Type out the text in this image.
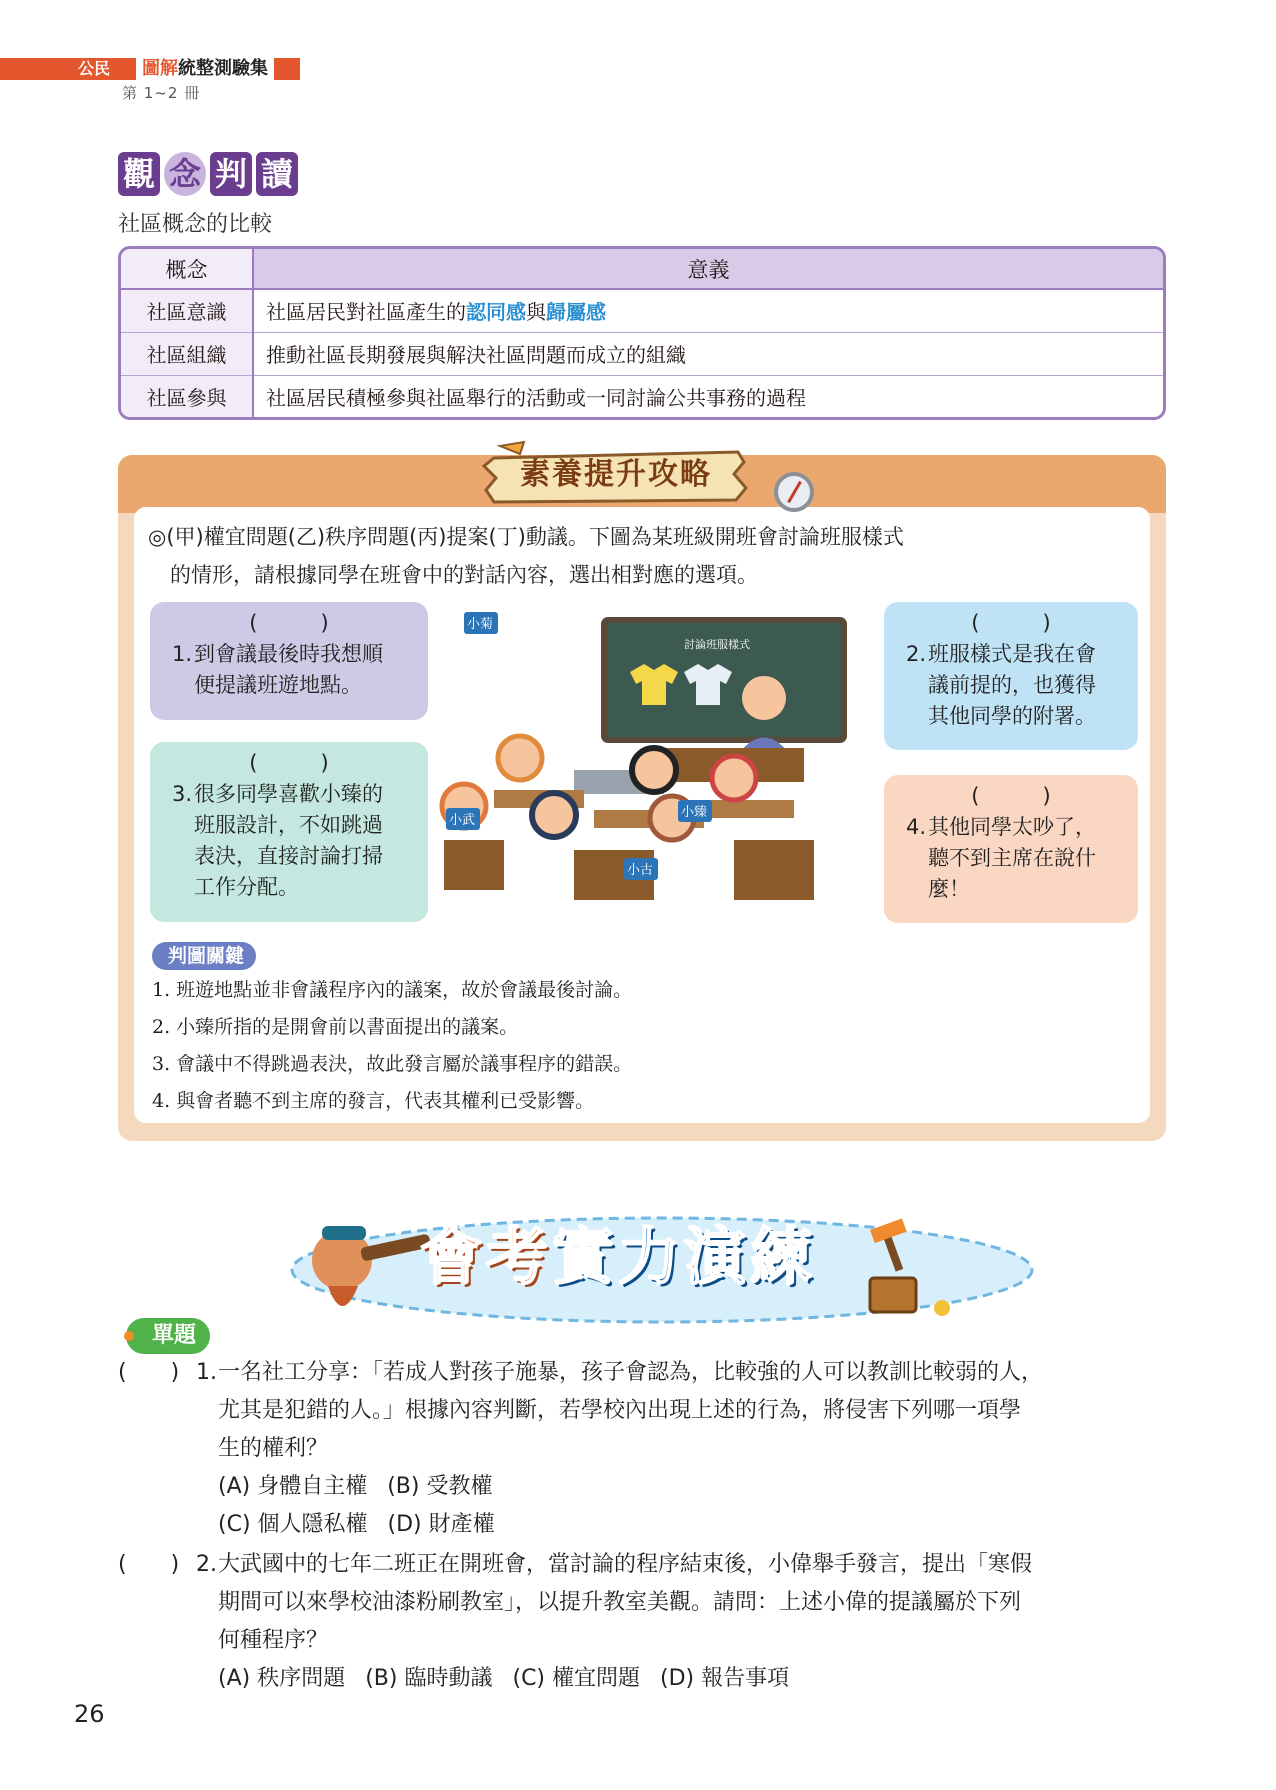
公民	圖解統整測驗集
第 1~2 冊
觀 念 判 讀
社區概念的比較
概念	意義
社區意識	社區居民對社區產生的認同感與歸屬感
社區組織	推動社區長期發展與解決社區問題而成立的組織
社區參與	社區居民積極參與社區舉行的活動或一同討論公共事務的過程
素養提升攻略
◎(甲)權宜問題(乙)秩序問題(丙)提案(丁)動議。下圖為某班級開班會討論班服樣式
的情形，請根據同學在班會中的對話內容，選出相對應的選項。
(　　　)
1.到會議最後時我想順
便提議班遊地點。
(　　　)
2.班服樣式是我在會
議前提的，也獲得
其他同學的附署。
(　　　)
3.很多同學喜歡小臻的
班服設計，不如跳過
表決，直接討論打掃
工作分配。
(　　　)
4.其他同學太吵了，
聽不到主席在說什
麼！
討論班服樣式
小菊
小武
小臻
小古
判圖關鍵
1. 班遊地點並非會議程序內的議案，故於會議最後討論。
2. 小臻所指的是開會前以書面提出的議案。
3. 會議中不得跳過表決，故此發言屬於議事程序的錯誤。
4. 與會者聽不到主席的發言，代表其權利已受影響。
會考實力演練
單題
(　　) 1. 一名社工分享：「若成人對孩子施暴，孩子會認為，比較強的人可以教訓比較弱的人，
尤其是犯錯的人。」根據內容判斷，若學校內出現上述的行為，將侵害下列哪一項學
生的權利？
(A) 身體自主權 (B) 受教權
(C) 個人隱私權 (D) 財產權
(　　) 2. 大武國中的七年二班正在開班會，當討論的程序結束後，小偉舉手發言，提出「寒假
期間可以來學校油漆粉刷教室」，以提升教室美觀。請問：上述小偉的提議屬於下列
何種程序？
(A) 秩序問題 (B) 臨時動議 (C) 權宜問題 (D) 報告事項
26
